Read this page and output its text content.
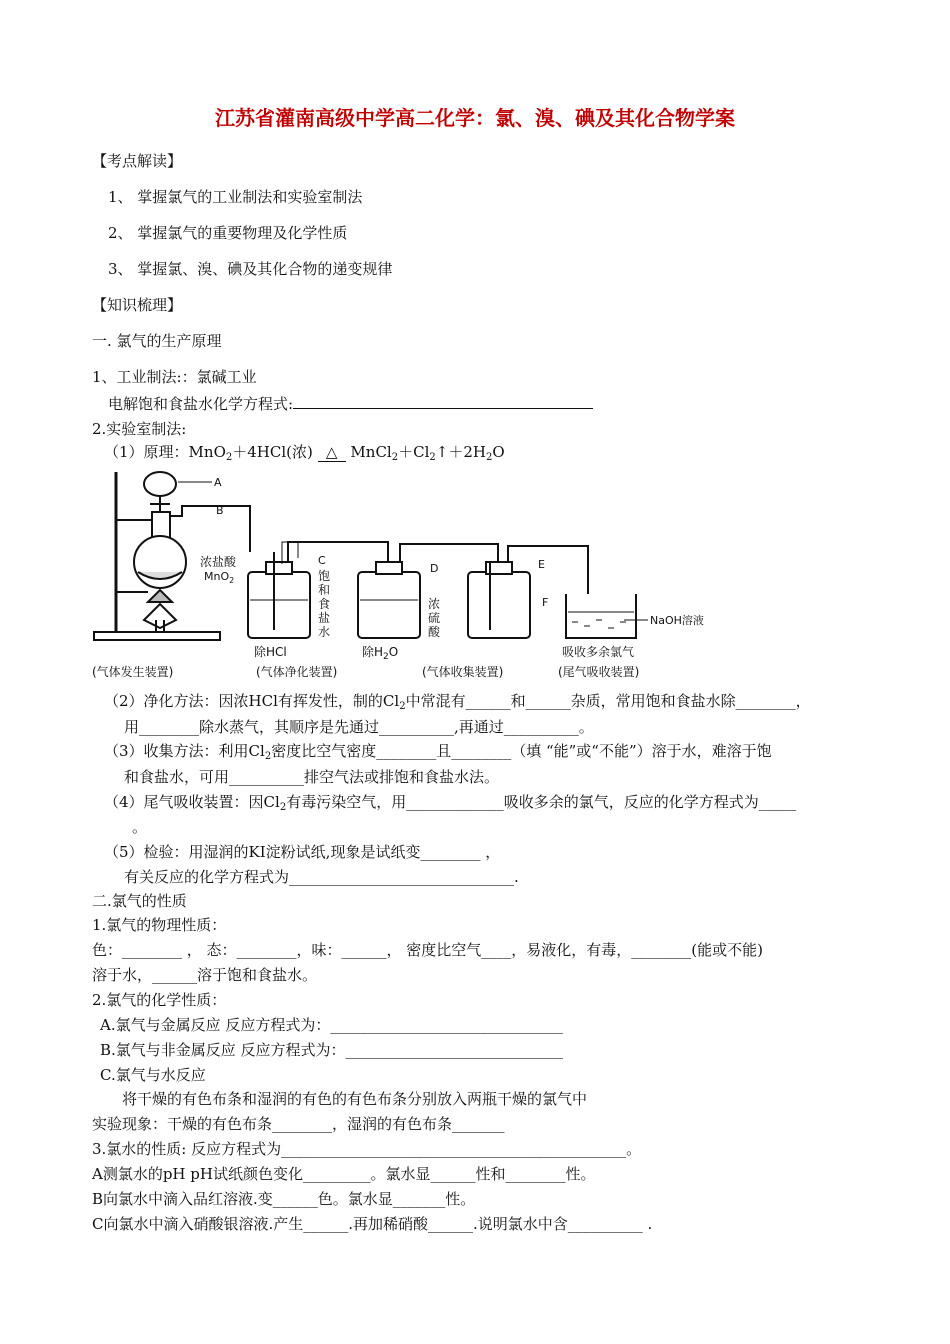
江苏省灌南高级中学高二化学：氯、溴、碘及其化合物学案
【考点解读】
1、 掌握氯气的工业制法和实验室制法
2、 掌握氯气的重要物理及化学性质
3、 掌握氯、溴、碘及其化合物的递变规律
【知识梳理】
一. 氯气的生产原理
1、工业制法:：氯碱工业
电解饱和食盐水化学方程式:
2.实验室制法:
（1）原理：MnO$_2$＋4HCl(浓) △ $MnCl_2+Cl_2↑+2H_2O$
A
B
浓盐酸
MnO$_2$
C
D	E
F
饱
和
食
盐
水
浓
硫
酸
NaOH溶液
除HCl	除$H_2O$	吸收多余氯气
(气体发生装置)	(气体净化装置)	(气体收集装置)	(尾气吸收装置)
（2）净化方法：因浓HCl有挥发性，制的$Cl_2$中常混有______和______杂质，常用饱和食盐水除________，
用________除水蒸气，其顺序是先通过__________,再通过__________。
（3）收集方法：利用$Cl_2$密度比空气密度________且________（填 “能”或“不能”）溶于水，难溶于饱
和食盐水，可用__________排空气法或排饱和食盐水法。
（4）尾气吸收装置：因$Cl_2$有毒污染空气，用_____________吸收多余的氯气，反应的化学方程式为_____
。
（5）检验：用湿润的KI淀粉试纸,现象是试纸变________ ，
有关反应的化学方程式为______________________________.
二.氯气的性质
1.氯气的物理性质：
色：________ ， 态：________，味：______， 密度比空气____，易液化，有毒，________(能或不能)
溶于水，______溶于饱和食盐水。
2.氯气的化学性质：
A.氯气与金属反应 反应方程式为：_______________________________
B.氯气与非金属反应 反应方程式为：_____________________________
C.氯气与水反应
将干燥的有色布条和湿润的有色的有色布条分别放入两瓶干燥的氯气中
实验现象：干燥的有色布条________，湿润的有色布条_______
3.氯水的性质: 反应方程式为______________________________________________。
A测氯水的pH pH试纸颜色变化_________。氯水显______性和________性。
B向氯水中滴入品红溶液.变______色。氯水显_______性。
C向氯水中滴入硝酸银溶液.产生______.再加稀硝酸______.说明氯水中含__________ .
